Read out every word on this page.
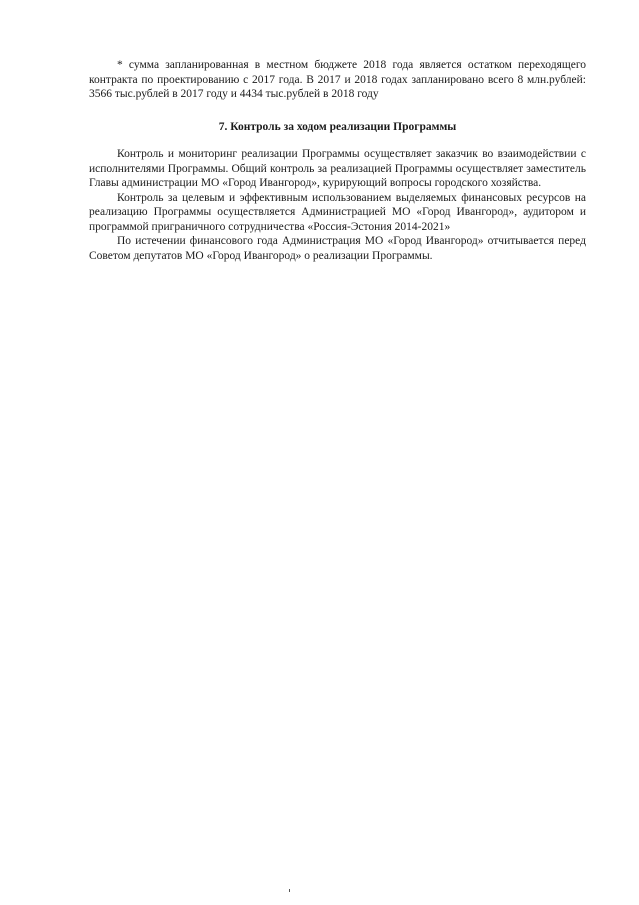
* сумма запланированная в местном бюджете 2018 года является остатком переходящего контракта по проектированию с 2017 года. В 2017 и 2018 годах запланировано всего 8 млн.рублей: 3566 тыс.рублей в 2017 году и 4434 тыс.рублей в 2018 году

7. Контроль за ходом реализации Программы

Контроль и мониторинг реализации Программы осуществляет заказчик во взаимодействии с исполнителями Программы. Общий контроль за реализацией Программы осуществляет заместитель Главы администрации МО «Город Ивангород», курирующий вопросы городского хозяйства.

Контроль за целевым и эффективным использованием выделяемых финансовых ресурсов на реализацию Программы осуществляется Администрацией МО «Город Ивангород», аудитором и программой приграничного сотрудничества «Россия-Эстония 2014-2021»

По истечении финансового года Администрация МО «Город Ивангород» отчитывается перед Советом депутатов МО «Город Ивангород» о реализации Программы.
